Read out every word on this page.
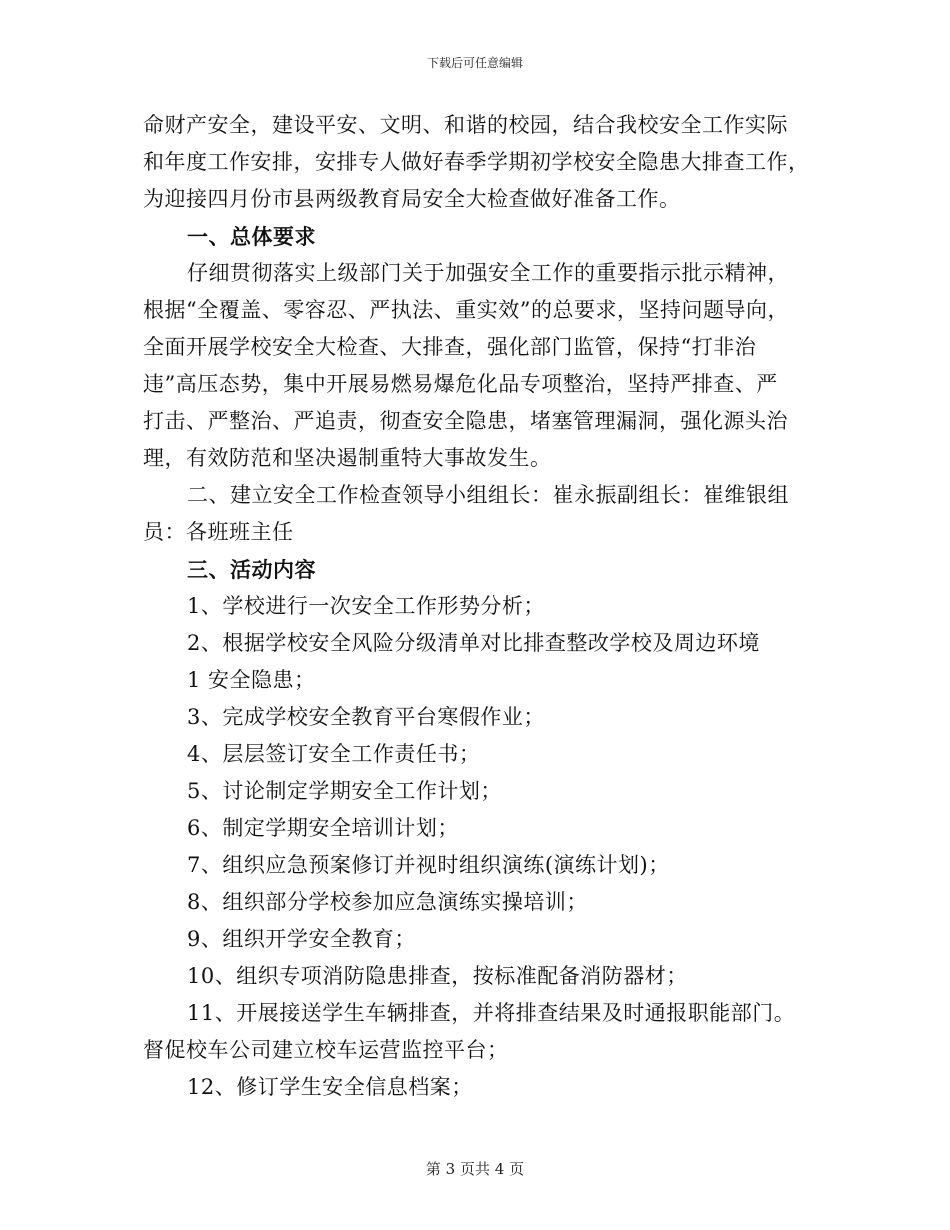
下载后可任意编辑

命财产安全，建设平安、文明、和谐的校园，结合我校安全工作实际

和年度工作安排，安排专人做好春季学期初学校安全隐患大排查工作，

为迎接四月份市县两级教育局安全大检查做好准备工作。

一、总体要求

仔细贯彻落实上级部门关于加强安全工作的重要指示批示精神，

根据“全覆盖、零容忍、严执法、重实效”的总要求，坚持问题导向，

全面开展学校安全大检查、大排查，强化部门监管，保持“打非治

违”高压态势，集中开展易燃易爆危化品专项整治，坚持严排查、严

打击、严整治、严追责，彻查安全隐患，堵塞管理漏洞，强化源头治

理，有效防范和坚决遏制重特大事故发生。

二、建立安全工作检查领导小组组长：崔永振副组长：崔维银组

员：各班班主任

三、活动内容

1、学校进行一次安全工作形势分析；

2、根据学校安全风险分级清单对比排查整改学校及周边环境

1 安全隐患；

3、完成学校安全教育平台寒假作业；

4、层层签订安全工作责任书；

5、讨论制定学期安全工作计划；

6、制定学期安全培训计划；

7、组织应急预案修订并视时组织演练(演练计划)；

8、组织部分学校参加应急演练实操培训；

9、组织开学安全教育；

10、组织专项消防隐患排查，按标准配备消防器材；

11、开展接送学生车辆排查，并将排查结果及时通报职能部门。

督促校车公司建立校车运营监控平台；

12、修订学生安全信息档案；

第 3 页共 4 页
